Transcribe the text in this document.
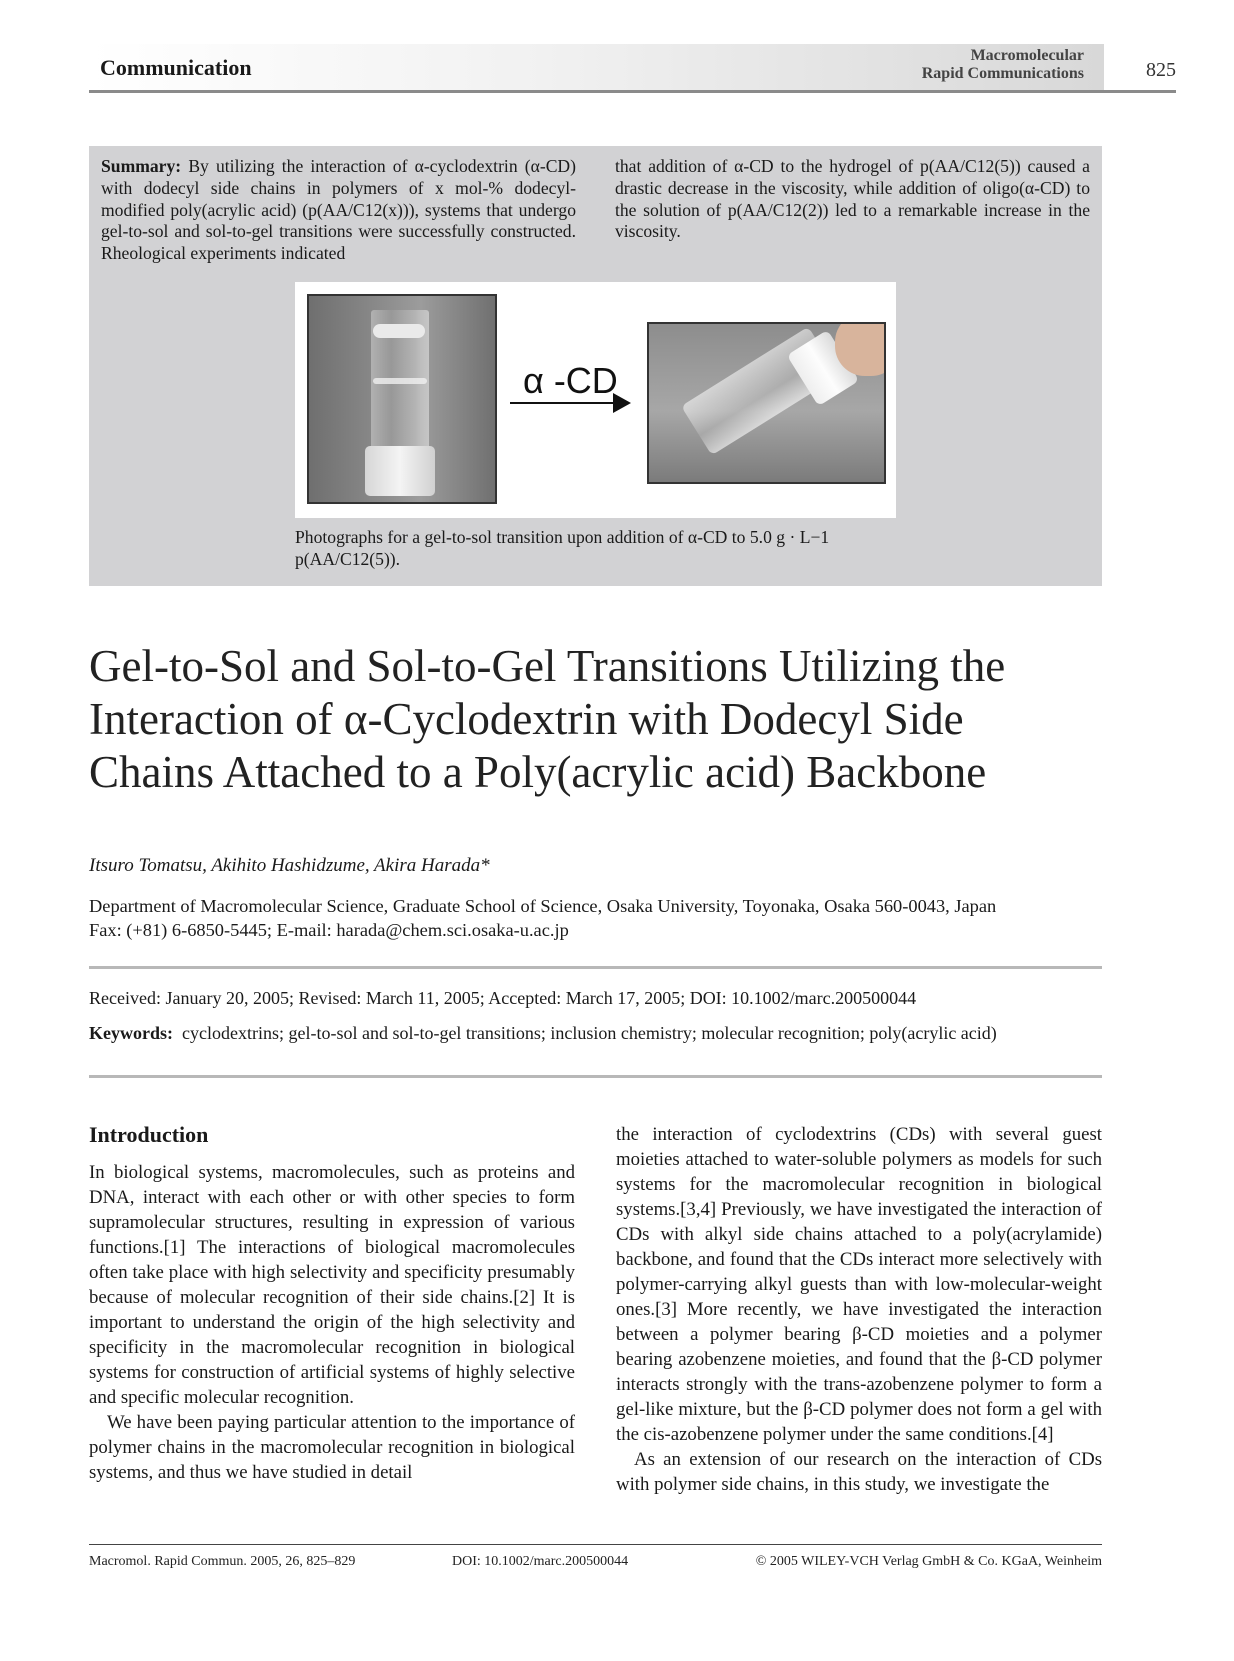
Communication	Macromolecular
Rapid Communications	825
Summary: By utilizing the interaction of α-cyclodextrin (α-CD) with dodecyl side chains in polymers of x mol-% dodecyl-modified poly(acrylic acid) (p(AA/C12(x))), systems that undergo gel-to-sol and sol-to-gel transitions were successfully constructed. Rheological experiments indicated
that addition of α-CD to the hydrogel of p(AA/C12(5)) caused a drastic decrease in the viscosity, while addition of oligo(α-CD) to the solution of p(AA/C12(2)) led to a remarkable increase in the viscosity.
α -CD
Photographs for a gel-to-sol transition upon addition of α-CD to 5.0 g · L−1 p(AA/C12(5)).
Gel-to-Sol and Sol-to-Gel Transitions Utilizing the Interaction of α-Cyclodextrin with Dodecyl Side Chains Attached to a Poly(acrylic acid) Backbone
Itsuro Tomatsu, Akihito Hashidzume, Akira Harada*
Department of Macromolecular Science, Graduate School of Science, Osaka University, Toyonaka, Osaka 560-0043, Japan
Fax: (+81) 6-6850-5445; E-mail: harada@chem.sci.osaka-u.ac.jp
Received: January 20, 2005; Revised: March 11, 2005; Accepted: March 17, 2005; DOI: 10.1002/marc.200500044
Keywords: cyclodextrins; gel-to-sol and sol-to-gel transitions; inclusion chemistry; molecular recognition; poly(acrylic acid)
Introduction

In biological systems, macromolecules, such as proteins and DNA, interact with each other or with other species to form supramolecular structures, resulting in expression of various functions.[1] The interactions of biological macromolecules often take place with high selectivity and specificity presumably because of molecular recognition of their side chains.[2] It is important to understand the origin of the high selectivity and specificity in the macromolecular recognition in biological systems for construction of artificial systems of highly selective and specific molecular recognition.

We have been paying particular attention to the importance of polymer chains in the macromolecular recognition in biological systems, and thus we have studied in detail

the interaction of cyclodextrins (CDs) with several guest moieties attached to water-soluble polymers as models for such systems for the macromolecular recognition in biological systems.[3,4] Previously, we have investigated the interaction of CDs with alkyl side chains attached to a poly(acrylamide) backbone, and found that the CDs interact more selectively with polymer-carrying alkyl guests than with low-molecular-weight ones.[3] More recently, we have investigated the interaction between a polymer bearing β-CD moieties and a polymer bearing azobenzene moieties, and found that the β-CD polymer interacts strongly with the trans-azobenzene polymer to form a gel-like mixture, but the β-CD polymer does not form a gel with the cis-azobenzene polymer under the same conditions.[4]

As an extension of our research on the interaction of CDs with polymer side chains, in this study, we investigate the

Macromol. Rapid Commun. 2005, 26, 825–829	DOI: 10.1002/marc.200500044	© 2005 WILEY-VCH Verlag GmbH & Co. KGaA, Weinheim
